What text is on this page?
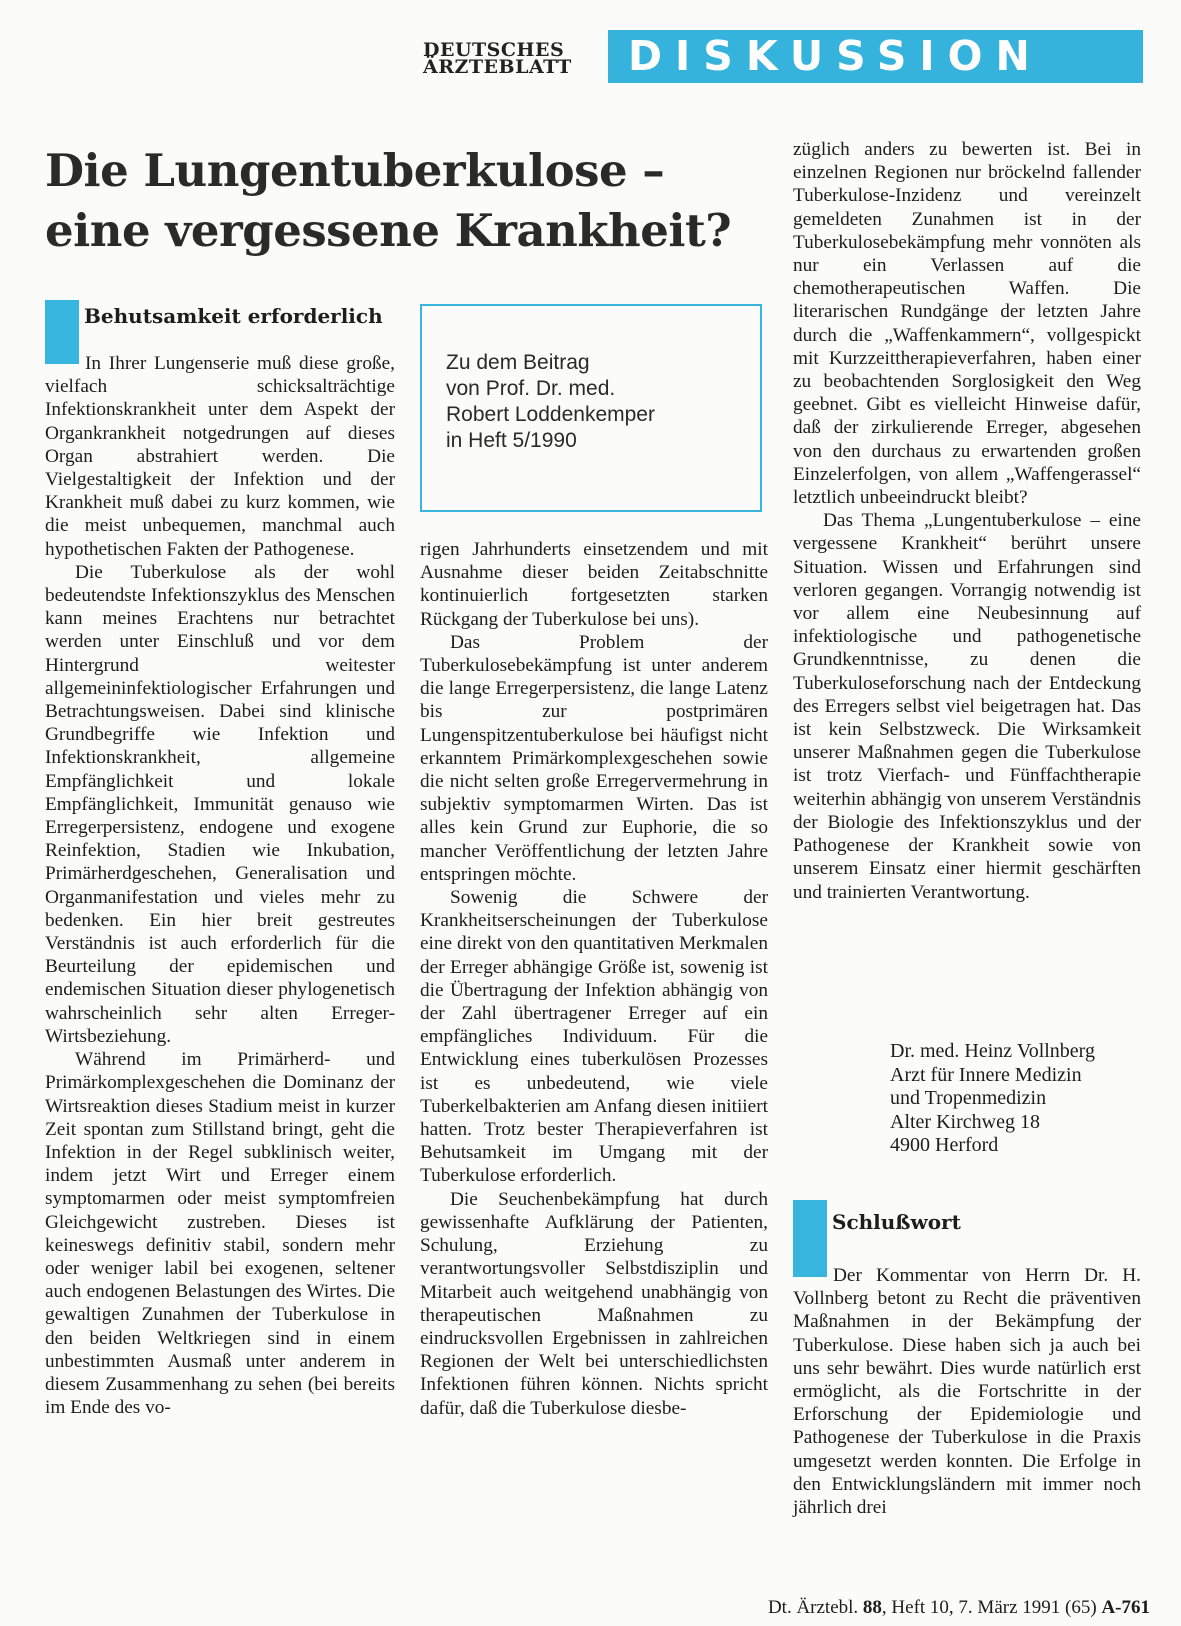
DEUTSCHES
ÄRZTEBLATT	DISKUSSION
Die Lungentuberkulose –
eine vergessene Krankheit?
Behutsamkeit erforderlich

In Ihrer Lungenserie muß diese große, vielfach schicksalträchtige Infektionskrankheit unter dem Aspekt der Organkrankheit notgedrungen auf dieses Organ abstrahiert werden. Die Vielgestaltigkeit der Infektion und der Krankheit muß dabei zu kurz kommen, wie die meist unbequemen, manchmal auch hypothetischen Fakten der Pathogenese.

Die Tuberkulose als der wohl bedeutendste Infektionszyklus des Menschen kann meines Erachtens nur betrachtet werden unter Einschluß und vor dem Hintergrund weitester allgemeininfektiologischer Erfahrungen und Betrachtungsweisen. Dabei sind klinische Grundbegriffe wie Infektion und Infektionskrankheit, allgemeine Empfänglichkeit und lokale Empfänglichkeit, Immunität genauso wie Erregerpersistenz, endogene und exogene Reinfektion, Stadien wie Inkubation, Primärherdgeschehen, Generalisation und Organmanifestation und vieles mehr zu bedenken. Ein hier breit gestreutes Verständnis ist auch erforderlich für die Beurteilung der epidemischen und endemischen Situation dieser phylogenetisch wahrscheinlich sehr alten Erreger-Wirtsbeziehung.

Während im Primärherd- und Primärkomplexgeschehen die Dominanz der Wirtsreaktion dieses Stadium meist in kurzer Zeit spontan zum Stillstand bringt, geht die Infektion in der Regel subklinisch weiter, indem jetzt Wirt und Erreger einem symptomarmen oder meist symptomfreien Gleichgewicht zustreben. Dieses ist keineswegs definitiv stabil, sondern mehr oder weniger labil bei exogenen, seltener auch endogenen Belastungen des Wirtes. Die gewaltigen Zunahmen der Tuberkulose in den beiden Weltkriegen sind in einem unbestimmten Ausmaß unter anderem in diesem Zusammenhang zu sehen (bei bereits im Ende des vo-

Zu dem Beitrag
von Prof. Dr. med.
Robert Loddenkemper
in Heft 5/1990

rigen Jahrhunderts einsetzendem und mit Ausnahme dieser beiden Zeitabschnitte kontinuierlich fortgesetzten starken Rückgang der Tuberkulose bei uns).

Das Problem der Tuberkulosebekämpfung ist unter anderem die lange Erregerpersistenz, die lange Latenz bis zur postprimären Lungenspitzentuberkulose bei häufigst nicht erkanntem Primärkomplexgeschehen sowie die nicht selten große Erregervermehrung in subjektiv symptomarmen Wirten. Das ist alles kein Grund zur Euphorie, die so mancher Veröffentlichung der letzten Jahre entspringen möchte.

Sowenig die Schwere der Krankheitserscheinungen der Tuberkulose eine direkt von den quantitativen Merkmalen der Erreger abhängige Größe ist, sowenig ist die Übertragung der Infektion abhängig von der Zahl übertragener Erreger auf ein empfängliches Individuum. Für die Entwicklung eines tuberkulösen Prozesses ist es unbedeutend, wie viele Tuberkelbakterien am Anfang diesen initiiert hatten. Trotz bester Therapieverfahren ist Behutsamkeit im Umgang mit der Tuberkulose erforderlich.

Die Seuchenbekämpfung hat durch gewissenhafte Aufklärung der Patienten, Schulung, Erziehung zu verantwortungsvoller Selbstdisziplin und Mitarbeit auch weitgehend unabhängig von therapeutischen Maßnahmen zu eindrucksvollen Ergebnissen in zahlreichen Regionen der Welt bei unterschiedlichsten Infektionen führen können. Nichts spricht dafür, daß die Tuberkulose diesbe-

züglich anders zu bewerten ist. Bei in einzelnen Regionen nur bröckelnd fallender Tuberkulose-Inzidenz und vereinzelt gemeldeten Zunahmen ist in der Tuberkulosebekämpfung mehr vonnöten als nur ein Verlassen auf die chemotherapeutischen Waffen. Die literarischen Rundgänge der letzten Jahre durch die „Waffenkammern“, vollgespickt mit Kurzzeittherapieverfahren, haben einer zu beobachtenden Sorglosigkeit den Weg geebnet. Gibt es vielleicht Hinweise dafür, daß der zirkulierende Erreger, abgesehen von den durchaus zu erwartenden großen Einzelerfolgen, von allem „Waffengerassel“ letztlich unbeeindruckt bleibt?

Das Thema „Lungentuberkulose – eine vergessene Krankheit“ berührt unsere Situation. Wissen und Erfahrungen sind verloren gegangen. Vorrangig notwendig ist vor allem eine Neubesinnung auf infektiologische und pathogenetische Grundkenntnisse, zu denen die Tuberkuloseforschung nach der Entdeckung des Erregers selbst viel beigetragen hat. Das ist kein Selbstzweck. Die Wirksamkeit unserer Maßnahmen gegen die Tuberkulose ist trotz Vierfach- und Fünffachtherapie weiterhin abhängig von unserem Verständnis der Biologie des Infektionszyklus und der Pathogenese der Krankheit sowie von unserem Einsatz einer hiermit geschärften und trainierten Verantwortung.

Dr. med. Heinz Vollnberg
Arzt für Innere Medizin
und Tropenmedizin
Alter Kirchweg 18
4900 Herford
Schlußwort

Der Kommentar von Herrn Dr. H. Vollnberg betont zu Recht die präventiven Maßnahmen in der Bekämpfung der Tuberkulose. Diese haben sich ja auch bei uns sehr bewährt. Dies wurde natürlich erst ermöglicht, als die Fortschritte in der Erforschung der Epidemiologie und Pathogenese der Tuberkulose in die Praxis umgesetzt werden konnten. Die Erfolge in den Entwicklungsländern mit immer noch jährlich drei

Dt. Ärztebl. 88, Heft 10, 7. März 1991 (65) A-761
